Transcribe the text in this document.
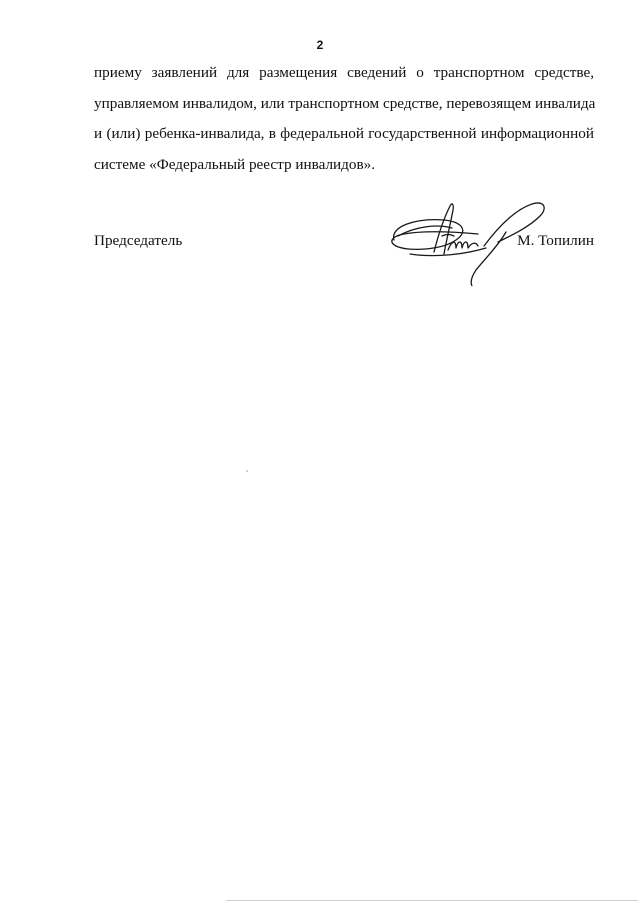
2
приему заявлений для размещения сведений о транспортном средстве,
управляемом инвалидом, или транспортном средстве, перевозящем инвалида
и (или) ребенка-инвалида, в федеральной государственной информационной
системе «Федеральный реестр инвалидов».
Председатель	М. Топилин
